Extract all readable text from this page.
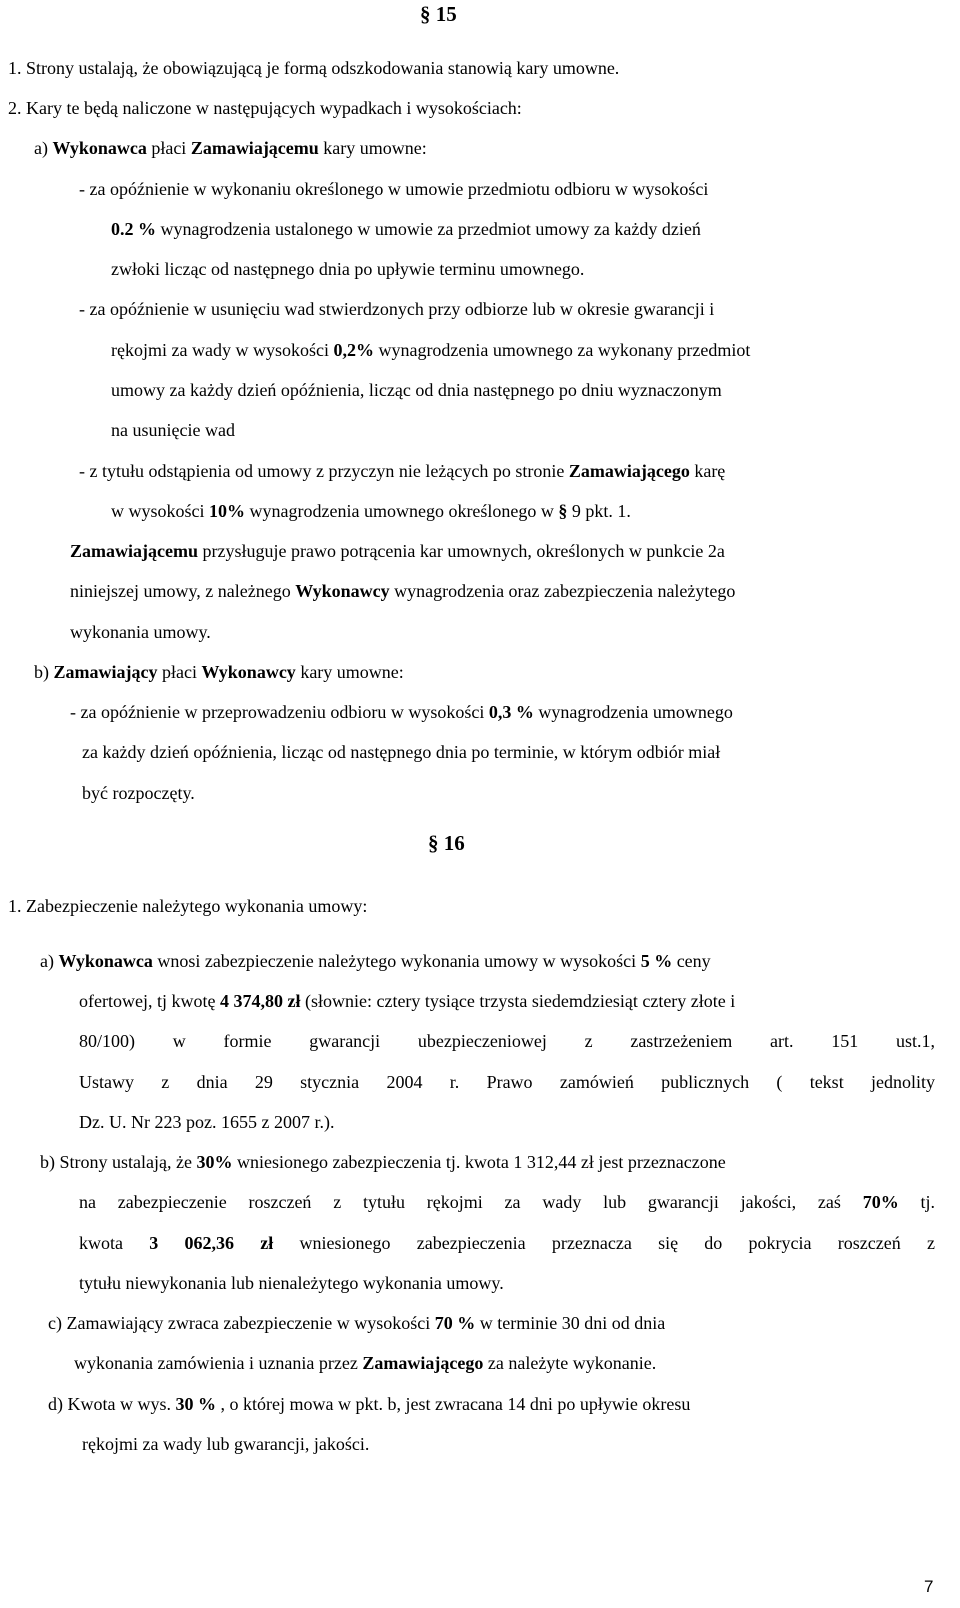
§ 15

1. Strony ustalają, że obowiązującą je formą odszkodowania stanowią kary umowne.

2. Kary te będą naliczone w następujących wypadkach i wysokościach:

a) Wykonawca płaci Zamawiającemu kary umowne:

- za opóźnienie w wykonaniu określonego w umowie przedmiotu odbioru w wysokości

0.2 % wynagrodzenia ustalonego w umowie za przedmiot umowy za każdy dzień

zwłoki licząc od następnego dnia po upływie terminu umownego.

- za opóźnienie w usunięciu wad stwierdzonych przy odbiorze lub w okresie gwarancji i

rękojmi za wady w wysokości 0,2% wynagrodzenia umownego za wykonany przedmiot

umowy za każdy dzień opóźnienia, licząc od dnia następnego po dniu wyznaczonym

na usunięcie wad

- z tytułu odstąpienia od umowy z przyczyn nie leżących po stronie Zamawiającego karę

w wysokości 10% wynagrodzenia umownego określonego w § 9 pkt. 1.

Zamawiającemu przysługuje prawo potrącenia kar umownych, określonych w punkcie 2a

niniejszej umowy, z należnego Wykonawcy wynagrodzenia oraz zabezpieczenia należytego

wykonania umowy.

b) Zamawiający płaci Wykonawcy kary umowne:

- za opóźnienie w przeprowadzeniu odbioru w wysokości 0,3 % wynagrodzenia umownego

za każdy dzień opóźnienia, licząc od następnego dnia po terminie, w którym odbiór miał

być rozpoczęty.

§ 16

1. Zabezpieczenie należytego wykonania umowy:

a) Wykonawca wnosi zabezpieczenie należytego wykonania umowy w wysokości 5 % ceny

ofertowej, tj kwotę 4 374,80 zł (słownie: cztery tysiące trzysta siedemdziesiąt cztery złote i

80/100) w formie gwarancji ubezpieczeniowej z zastrzeżeniem art. 151 ust.1,

Ustawy z dnia 29 stycznia 2004 r. Prawo zamówień publicznych ( tekst jednolity

Dz. U. Nr 223 poz. 1655 z 2007 r.).

b) Strony ustalają, że 30% wniesionego zabezpieczenia tj. kwota 1 312,44 zł jest przeznaczone

na zabezpieczenie roszczeń z tytułu rękojmi za wady lub gwarancji jakości, zaś 70% tj.

kwota 3 062,36 zł wniesionego zabezpieczenia przeznacza się do pokrycia roszczeń z

tytułu niewykonania lub nienależytego wykonania umowy.

c) Zamawiający zwraca zabezpieczenie w wysokości 70 % w terminie 30 dni od dnia

wykonania zamówienia i uznania przez Zamawiającego za należyte wykonanie.

d) Kwota w wys. 30 % , o której mowa w pkt. b, jest zwracana 14 dni po upływie okresu

rękojmi za wady lub gwarancji, jakości.

7
